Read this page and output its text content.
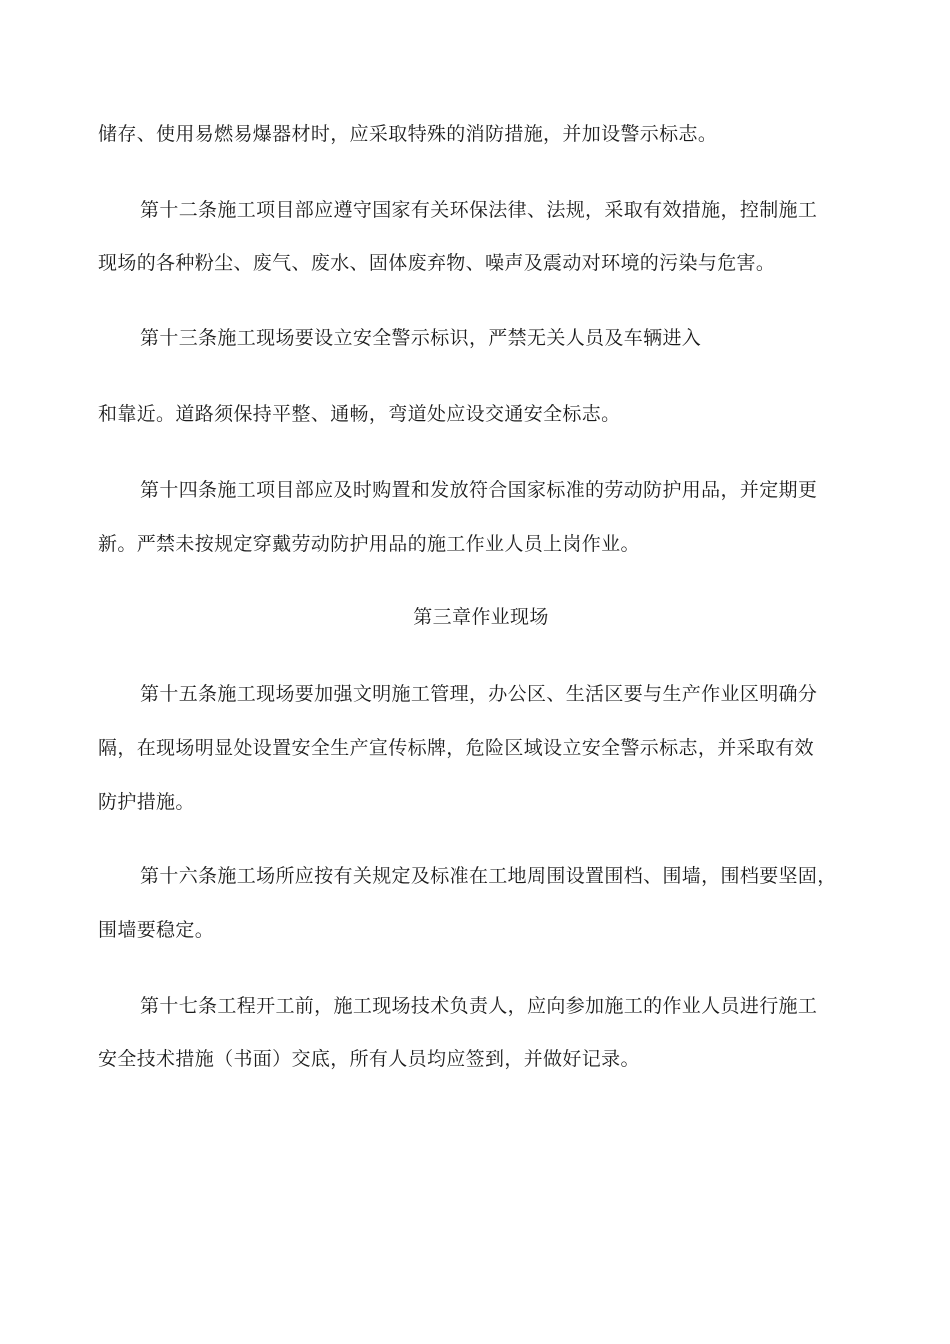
储存、使用易燃易爆器材时，应采取特殊的消防措施，并加设警示标志。
第十二条施工项目部应遵守国家有关环保法律、法规，采取有效措施，控制施工
现场的各种粉尘、废气、废水、固体废弃物、噪声及震动对环境的污染与危害。
第十三条施工现场要设立安全警示标识，严禁无关人员及车辆进入
和靠近。道路须保持平整、通畅，弯道处应设交通安全标志。
第十四条施工项目部应及时购置和发放符合国家标准的劳动防护用品，并定期更
新。严禁未按规定穿戴劳动防护用品的施工作业人员上岗作业。
第三章作业现场
第十五条施工现场要加强文明施工管理，办公区、生活区要与生产作业区明确分
隔，在现场明显处设置安全生产宣传标牌，危险区域设立安全警示标志，并采取有效
防护措施。
第十六条施工场所应按有关规定及标准在工地周围设置围档、围墙，围档要坚固，
围墙要稳定。
第十七条工程开工前，施工现场技术负责人，应向参加施工的作业人员进行施工
安全技术措施（书面）交底，所有人员均应签到，并做好记录。
